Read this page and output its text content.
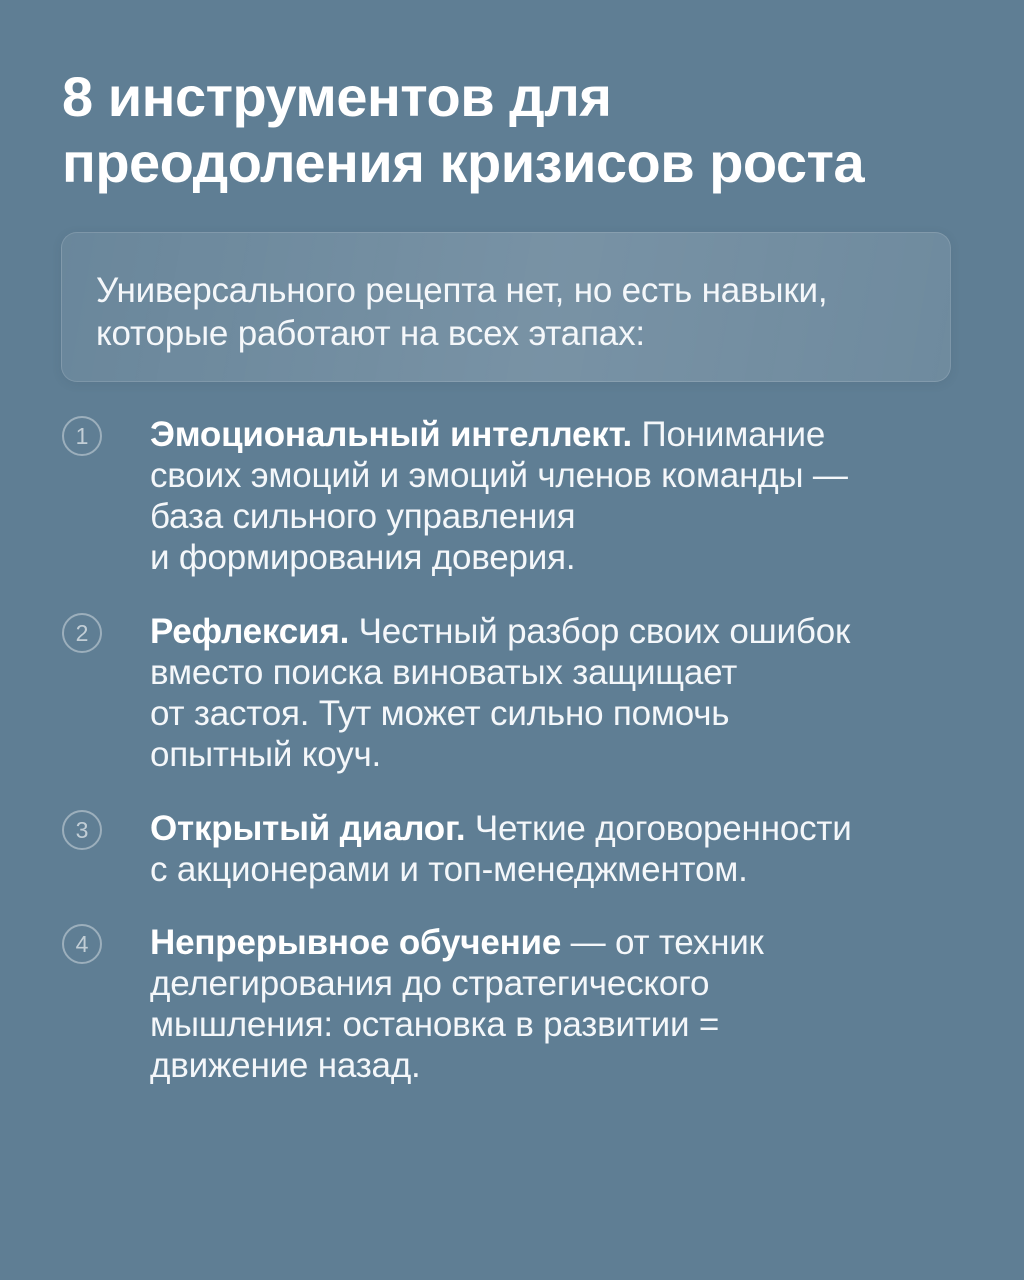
8 инструментов для
преодоления кризисов роста
Универсального рецепта нет, но есть навыки,
которые работают на всех этапах:
1	Эмоциональный интеллект. Понимание
своих эмоций и эмоций членов команды —
база сильного управления
и формирования доверия.
2	Рефлексия. Честный разбор своих ошибок
вместо поиска виноватых защищает
от застоя. Тут может сильно помочь
опытный коуч.
3	Открытый диалог. Четкие договоренности
с акционерами и топ-менеджментом.
4	Непрерывное обучение — от техник
делегирования до стратегического
мышления: остановка в развитии =
движение назад.
